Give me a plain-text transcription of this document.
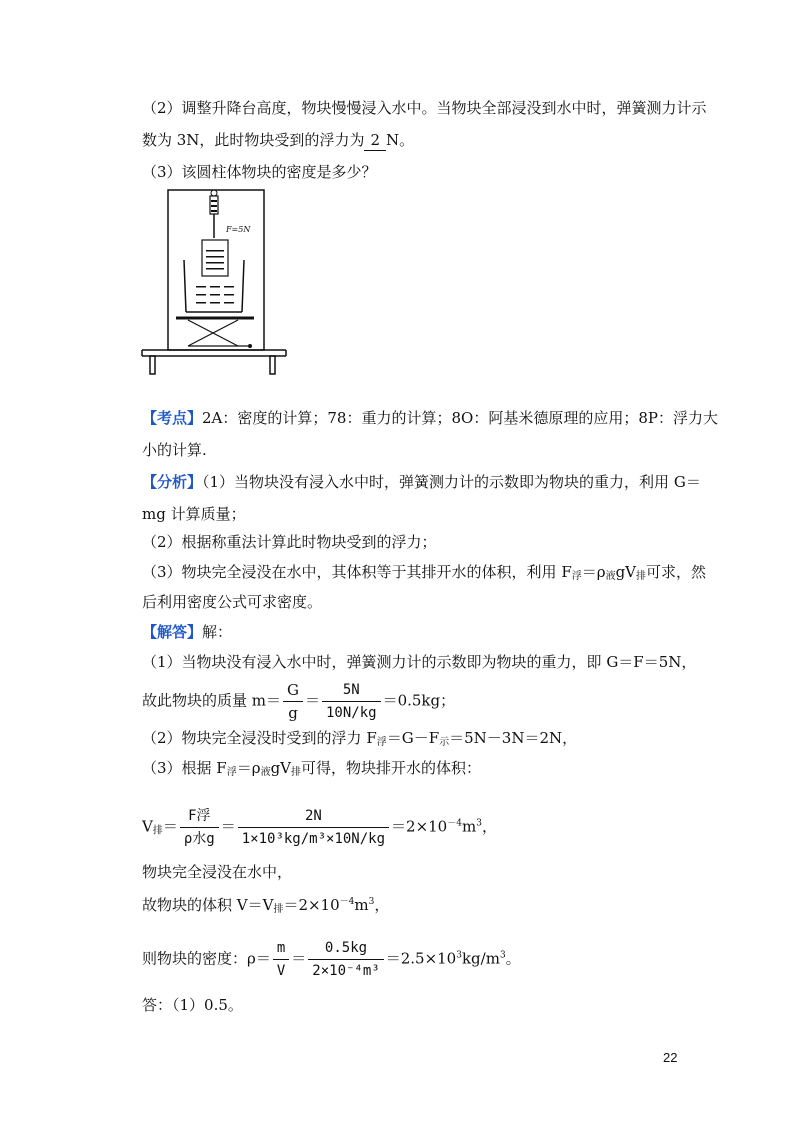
（2）调整升降台高度，物块慢慢浸入水中。当物块全部浸没到水中时，弹簧测力计示
数为 3N，此时物块受到的浮力为 2 N。
（3）该圆柱体物块的密度是多少？
F=5N
【考点】2A：密度的计算；78：重力的计算；8O：阿基米德原理的应用；8P：浮力大
小的计算.
【分析】（1）当物块没有浸入水中时，弹簧测力计的示数即为物块的重力，利用 G＝
mg 计算质量；
（2）根据称重法计算此时物块受到的浮力；
（3）物块完全浸没在水中，其体积等于其排开水的体积，利用 $F_浮=\rho_液gV_排$可求，然
后利用密度公式可求密度。
【解答】解：
（1）当物块没有浸入水中时，弹簧测力计的示数即为物块的重力，即 G＝F＝5N，
故此物块的质量 $m= \frac{G}{g} = \frac{5N}{10N/kg} =0.5kg$；
（2）物块完全浸没时受到的浮力 $F_浮=G-F_示=5N-3N=2N$，
（3）根据 $F_浮=\rho_液gV_排$可得，物块排开水的体积：
$V_排= \frac{\text{F浮}}{\text{ρ水g}} = \frac{2N}{\text{1×10³kg/m³×10N/kg}} =2\times 10^{-4}m^3$，
物块完全浸没在水中，
故物块的体积 $V=V_排=2\times 10^{-4}m^3$，
则物块的密度：$\rho= \frac{m}{V} = \frac{0.5kg}{\text{2×10⁻⁴m³}} =2.5\times 10^3kg/m^3$。
答：（1）0.5。
22
